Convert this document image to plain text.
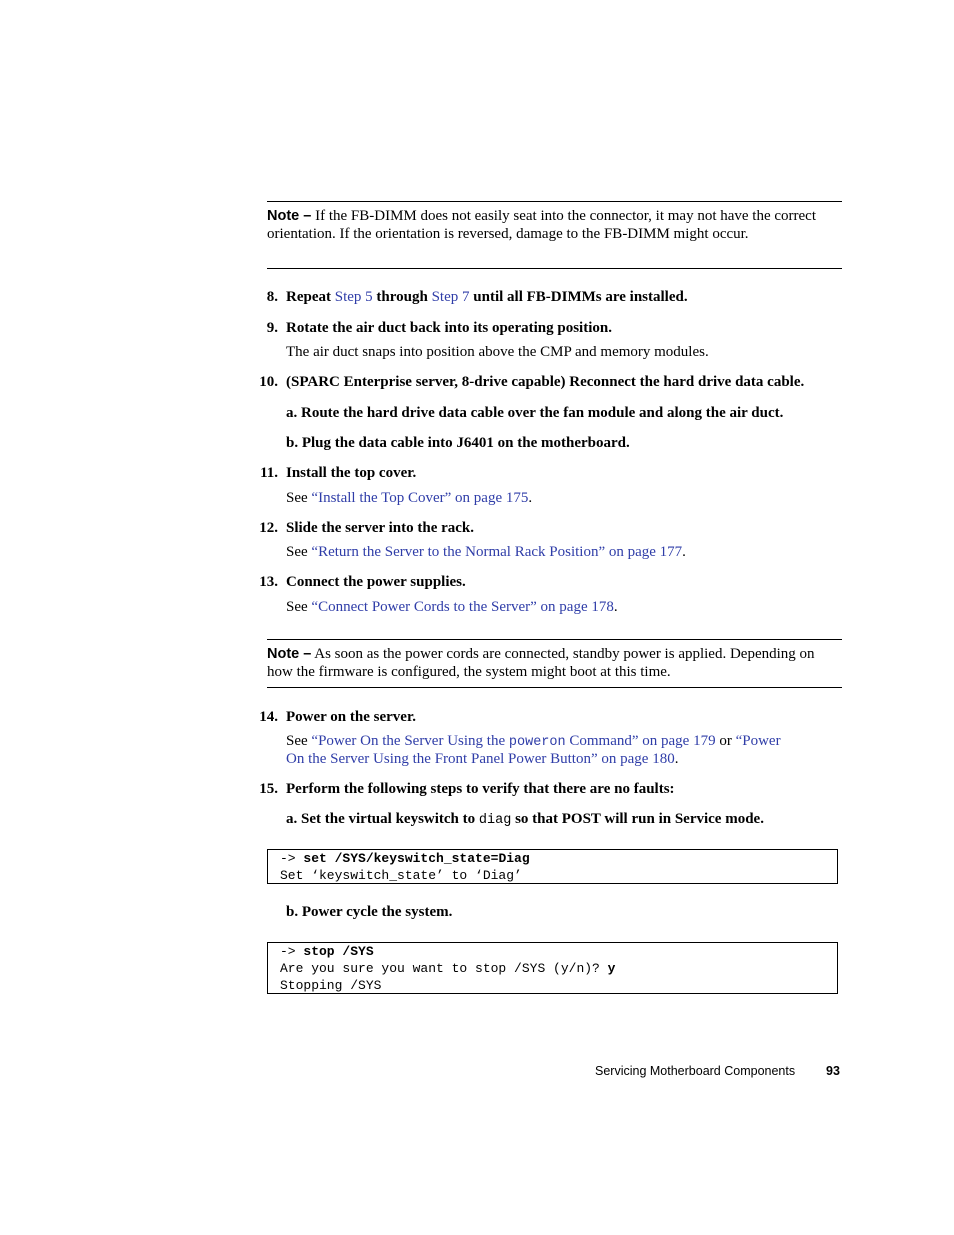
Note – If the FB-DIMM does not easily seat into the connector, it may not have the correct orientation. If the orientation is reversed, damage to the FB-DIMM might occur.
8. Repeat Step 5 through Step 7 until all FB-DIMMs are installed.
9. Rotate the air duct back into its operating position.
The air duct snaps into position above the CMP and memory modules.
10. (SPARC Enterprise server, 8-drive capable) Reconnect the hard drive data cable.
a. Route the hard drive data cable over the fan module and along the air duct.
b. Plug the data cable into J6401 on the motherboard.
11. Install the top cover.
See “Install the Top Cover” on page 175.
12. Slide the server into the rack.
See “Return the Server to the Normal Rack Position” on page 177.
13. Connect the power supplies.
See “Connect Power Cords to the Server” on page 178.
Note – As soon as the power cords are connected, standby power is applied. Depending on how the firmware is configured, the system might boot at this time.
14. Power on the server.
See “Power On the Server Using the poweron Command” on page 179 or “Power
On the Server Using the Front Panel Power Button” on page 180.
15. Perform the following steps to verify that there are no faults:
a. Set the virtual keyswitch to diag so that POST will run in Service mode.
-> set /SYS/keyswitch_state=Diag
Set ‘keyswitch_state’ to ‘Diag’
b. Power cycle the system.
-> stop /SYS
Are you sure you want to stop /SYS (y/n)? y
Stopping /SYS
Servicing Motherboard Components 93
